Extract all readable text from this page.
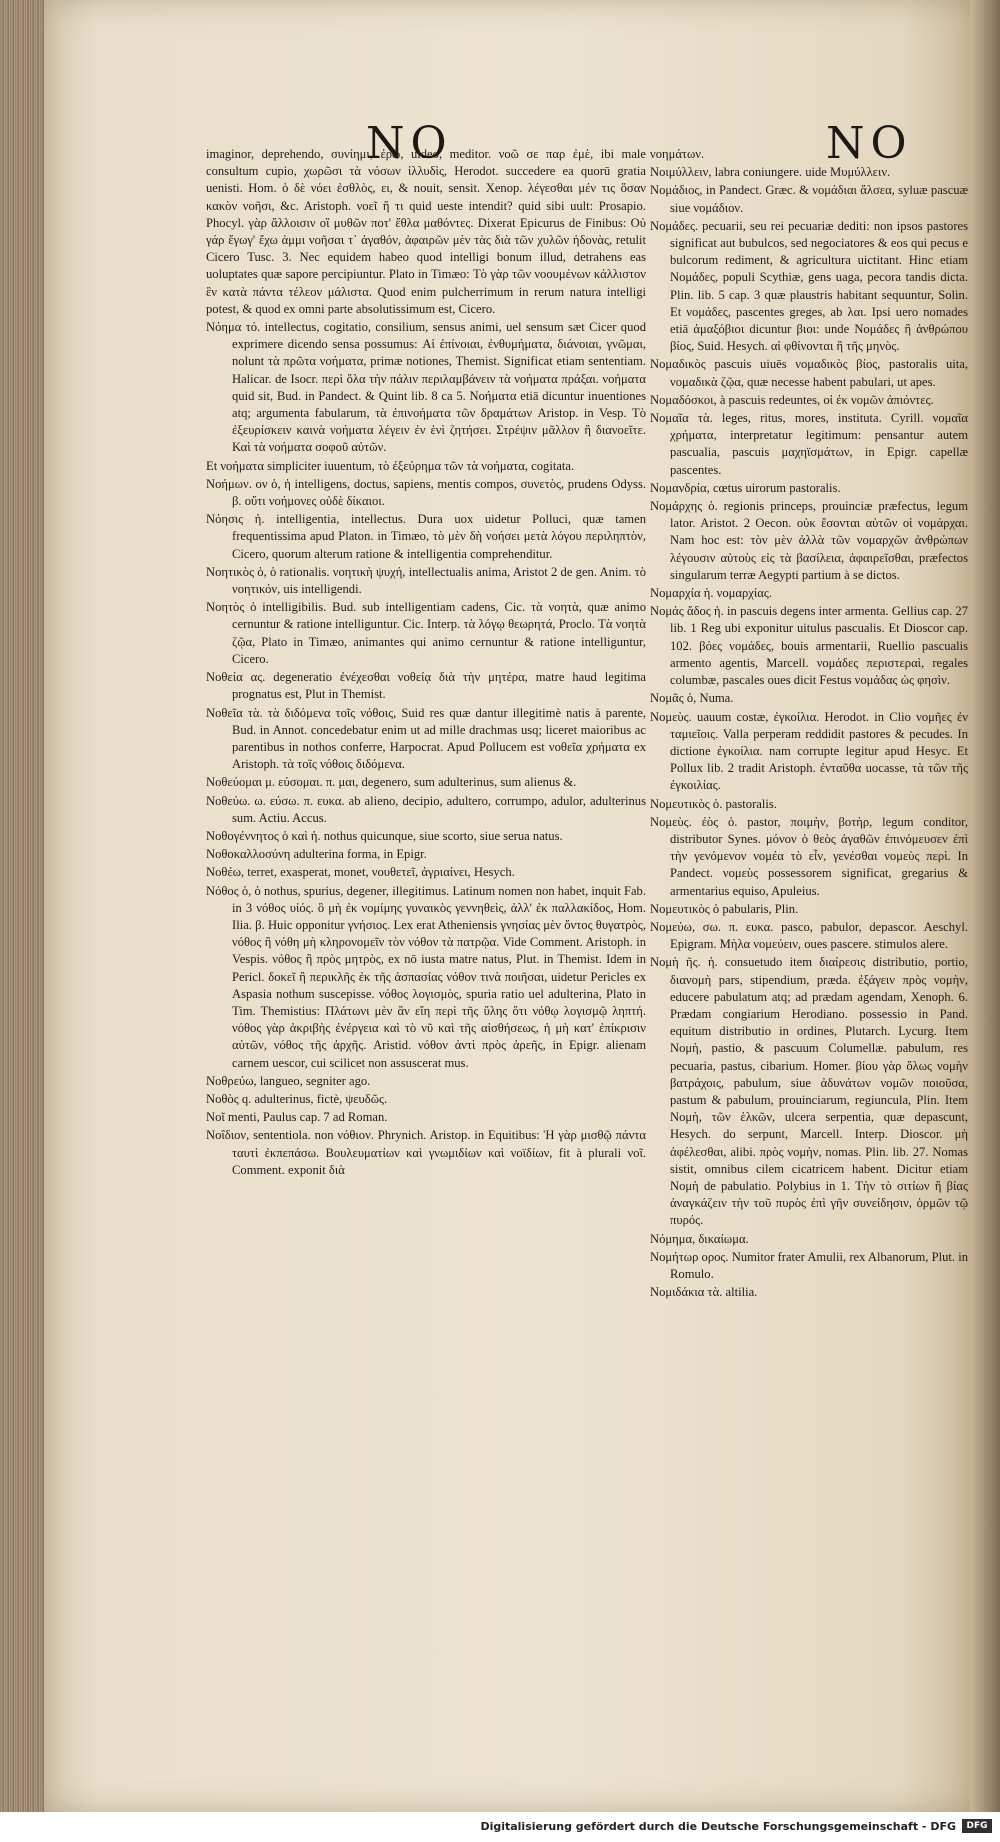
NO	NO

imaginor, deprehendo, συνίημι, ἐρῶ, uideo, meditor. νοῶ σε παρ ἐμὲ, ibi male consultum cupio, χωρῶσι τὰ νόσων ἰλλυδὶς, Herodot. succedere ea quorū gratia uenisti. Hom. ὁ δὲ νόει ἐσθλὸς, ει, & nouit, sensit. Xenop. λέγεσθαι μέν τις ὅσαν κακὸν νοῆσι, &c. Aristoph. νοεῖ ἥ τι quid ueste intendit? quid sibi uult: Prosapio. Phocyl. γὰρ ἄλλοισιν οἳ μυθῶν ποτ' ἔθλα μαθόντες. Dixerat Epicurus de Finibus: Οὐ γάρ ἔγωγ' ἔχω ἀμμι νοῆσαι τ᾽ ἀγαθόν, ἀφαιρῶν μὲν τὰς διὰ τῶν χυλῶν ἡδονὰς, retulit Cicero Tusc. 3. Nec equidem habeo quod intelligi bonum illud, detrahens eas uoluptates quæ sapore percipiuntur. Plato in Timæo: Τὸ γὰρ τῶν νοουμένων κάλλιστον ἓν κατὰ πάντα τέλεον μάλιστα. Quod enim pulcherrimum in rerum natura intelligi potest, & quod ex omni parte absolutissimum est, Cicero.

Νόημα τό. intellectus, cogitatio, consilium, sensus animi, uel sensum sæt Cicer quod exprimere dicendo sensa possumus: Αἱ ἐπίνοιαι, ἐνθυμήματα, διάνοιαι, γνῶμαι, nolunt τὰ πρῶτα νοήματα, primæ notiones, Themist. Significat etiam sententiam. Halicar. de Isocr. περὶ ὅλα τὴν πάλιν περιλαμβάνειν τὰ νοήματα πράξαι. νοήματα quid sit, Bud. in Pandect. & Quint lib. 8 ca 5. Νοήματα etiā dicuntur inuentiones atq; argumenta fabularum, τὰ ἐπινοήματα τῶν δραμάτων Aristop. in Vesp. Τὸ ἐξευρίσκειν καινὰ νοήματα λέγειν ἐν ἑνὶ ζητήσει. Στρέψιν μᾶλλον ἢ διανοεῖτε. Καὶ τὰ νοήματα σοφοῦ αὐτῶν.

Et νοήματα simpliciter iuuentum, τὸ ἐξεύρημα τῶν τὰ νοήματα, cogitata.

Νοήμων. ον ὁ, ἡ intelligens, doctus, sapiens, mentis compos, συνετὸς, prudens Odyss. β. οὔτι νοήμονες οὐδὲ δίκαιοι.

Νόησις ἡ. intelligentia, intellectus. Dura uox uidetur Polluci, quæ tamen frequentissima apud Platon. in Timæo, τὸ μὲν δὴ νοήσει μετὰ λόγου περιληπτὸν, Cicero, quorum alterum ratione & intelligentia comprehenditur.

Νοητικὸς ὁ, ὁ rationalis. νοητικὴ ψυχή, intellectualis anima, Aristot 2 de gen. Anim. τὸ νοητικόν, uis intelligendi.

Νοητὸς ὁ intelligibilis. Bud. sub intelligentiam cadens, Cic. τὰ νοητὰ, quæ animo cernuntur & ratione intelliguntur. Cic. Interp. τὰ λόγῳ θεωρητά, Proclo. Τὰ νοητὰ ζῷα, Plato in Timæo, animantes qui animo cernuntur & ratione intelliguntur, Cicero.

Νοθεία ας. degeneratio ἐνέχεσθαι νοθείᾳ διὰ τὴν μητέρα, matre haud legitima prognatus est, Plut in Themist.

Νοθεῖα τὰ. τὰ διδόμενα τοῖς νόθοις, Suid res quæ dantur illegitimè natis à parente, Bud. in Annot. concedebatur enim ut ad mille drachmas usq; liceret maioribus ac parentibus in nothos conferre, Harpocrat. Apud Pollucem est νοθεῖα χρήματα ex Aristoph. τὰ τοῖς νόθοις διδόμενα.

Νοθεύομαι μ. εύσομαι. π. μαι, degenero, sum adulterinus, sum alienus &.

Νοθεύω. ω. εύσω. π. ευκα. ab alieno, decipio, adultero, corrumpo, adulor, adulterinus sum. Actiu. Accus.

Νοθογέννητος ὁ καὶ ἡ. nothus quicunque, siue scorto, siue serua natus.

Νοθοκαλλοσύνη adulterina forma, in Epigr.

Νοθέω, terret, exasperat, monet, νουθετεῖ, ἀγριαίνει, Hesych.

Νόθος ὁ, ὁ nothus, spurius, degener, illegitimus. Latinum nomen non habet, inquit Fab. in 3 νόθος υἱός. ὃ μὴ ἐκ νομίμης γυναικὸς γεννηθεὶς, ἀλλ' ἐκ παλλακίδος, Hom. Ilia. β. Huic opponitur γνήσιος. Lex erat Atheniensis γνησίας μὲν ὄντος θυγατρὸς, νόθος ἢ νόθη μὴ κληρονομεῖν τὸν νόθον τὰ πατρῷα. Vide Comment. Aristoph. in Vespis. νόθος ἢ πρὸς μητρὸς, ex nō iusta matre natus, Plut. in Themist. Idem in Pericl. δοκεῖ ἢ περικλῆς ἐκ τῆς ἀσπασίας νόθον τινὰ ποιῆσαι, uidetur Pericles ex Aspasia nothum suscepisse. νόθος λογισμὸς, spuria ratio uel adulterina, Plato in Tim. Themistius: Πλάτωνι μὲν ἂν εἴη περὶ τῆς ὕλης ὅτι νόθῳ λογισμῷ ληπτή. νόθος γὰρ ἀκριβὴς ἐνέργεια καὶ τὸ νῦ καὶ τῆς αἰσθήσεως, ἡ μὴ κατ' ἐπίκρισιν αὐτῶν, νόθος τῆς ἀρχῆς. Aristid. νόθον ἀντὶ πρὸς ἀρεῆς, in Epigr. alienam carnem uescor, cui scilicet non assuscerat mus.

Νοθρεύω, langueo, segniter ago.

Νοθὸς q. adulterinus, fictè, ψευδῶς.

Νοῖ menti, Paulus cap. 7 ad Roman.

Νοΐδιον, sententiola. non νόθιον. Phrynich. Aristop. in Equitibus: Ἡ γὰρ μισθῷ πάντα ταυτὶ ἐκπεπάσω. Βουλευματίων καὶ γνωμιδίων καὶ νοϊδίων, fit à plurali νοῖ. Comment. exponit διὰ

νοημάτων.

Νοιμύλλειν, labra coniungere. uide Μυμύλλειν.

Νομάδιος, in Pandect. Græc. & νομάδιαι ἄλσεα, syluæ pascuæ siue νομάδιον.

Νομάδες. pecuarii, seu rei pecuariæ dediti: non ipsos pastores significat aut bubulcos, sed negociatores & eos qui pecus e bulcorum rediment, & agricultura uictitant. Hinc etiam Νομάδες, populi Scythiæ, gens uaga, pecora tandis dicta. Plin. lib. 5 cap. 3 quæ plaustris habitant sequuntur, Solin. Et νομάδες, pascentes greges, ab λαι. Ipsi uero nomades etiā ἁμαξόβιοι dicuntur βιοι: unde Νομάδες ἢ ἀνθρώπου βίος, Suid. Hesych. αἱ φθίνονται ἢ τῆς μηνὸς.

Νομαδικὸς pascuis uiuēs νομαδικὸς βίος, pastoralis uita, νομαδικὰ ζῷα, quæ necesse habent pabulari, ut apes.

Νομαδόσκοι, à pascuis redeuntes, οἱ ἐκ νομῶν ἀπιόντες.

Νομαῖα τὰ. leges, ritus, mores, instituta. Cyrill. νομαῖα χρήματα, interpretatur legitimum: pensantur autem pascualia, pascuis μαχηϊσμάτων, in Epigr. capellæ pascentes.

Νομανδρία, cœtus uirorum pastoralis.

Νομάρχης ὁ. regionis princeps, prouinciæ præfectus, legum lator. Aristot. 2 Oecon. οὐκ ἔσονται αὐτῶν οἱ νομάρχαι. Nam hoc est: τὸν μὲν ἀλλὰ τῶν νομαρχῶν ἀνθρώπων λέγουσιν αὐτοὺς εἰς τὰ βασίλεια, ἀφαιρεῖσθαι, præfectos singularum terræ Aegypti partium à se dictos.

Νομαρχία ἡ. νομαρχίας.

Νομάς ἄδος ἡ. in pascuis degens inter armenta. Gellius cap. 27 lib. 1 Reg ubi exponitur uitulus pascualis. Et Dioscor cap. 102. βόες νομάδες, bouis armentarii, Ruellio pascualis armento agentis, Marcell. νομάδες περιστεραὶ, regales columbæ, pascales oues dicit Festus νομάδας ὡς φησὶν.

Νομᾶς ὁ, Numa.

Νομεὺς. uauum costæ, ἐγκοίλια. Herodot. in Clio νομῆες ἐν ταμιεῖοις. Valla perperam reddidit pastores & pecudes. In dictione ἐγκοίλια. nam corrupte legitur apud Hesyc. Et Pollux lib. 2 tradit Aristoph. ἐνταῦθα uocasse, τὰ τῶν τῆς ἐγκοιλίας.

Νομευτικὸς ὁ. pastoralis.

Νομεὺς. ἐὸς ὁ. pastor, ποιμὴν, βοτὴρ, legum conditor, distributor Synes. μόνον ὁ θεὸς ἀγαθῶν ἐπινόμευσεν ἐπὶ τὴν γενόμενον νομέα τὸ εἶν, γενέσθαι νομεὺς περὶ. In Pandect. νομεὺς possessorem significat, gregarius & armentarius equiso, Apuleius.

Νομευτικὸς ὁ pabularis, Plin.

Νομεύω, σω. π. ευκα. pasco, pabulor, depascor. Aeschyl. Epigram. Μὴλα νομεύειν, oues pascere. stimulos alere.

Νομὴ ῆς. ἡ. consuetudo item διαίρεσις distributio, portio, διανομὴ pars, stipendium, præda. ἐξάγειν πρὸς νομὴν, educere pabulatum atq; ad prædam agendam, Xenoph. 6. Prædam congiarium Herodiano. possessio in Pand. equitum distributio in ordines, Plutarch. Lycurg. Item Νομὴ, pastio, & pascuum Columellæ. pabulum, res pecuaria, pastus, cibarium. Homer. βίου γὰρ ὅλως νομὴν βατράχοις, pabulum, siue ἀδυνάτων νομῶν ποιοῦσα, pastum & pabulum, prouinciarum, regiuncula, Plin. Item Νομὴ, τῶν ἑλκῶν, ulcera serpentia, quæ depascunt, Hesych. do serpunt, Marcell. Interp. Dioscor. μὴ ἀφέλεσθαι, alibi. πρὸς νομὴν, nomas. Plin. lib. 27. Nomas sistit, omnibus cilem cicatricem habent. Dicitur etiam Νομὴ de pabulatio. Polybius in 1. Τὴν τὸ σιτίων ἢ βίας ἀναγκάζειν τὴν τοῦ πυρὸς ἐπὶ γῆν συνείδησιν, ὁρμῶν τῷ πυρός.

Νόμημα, δικαίωμα.

Νομήτωρ ορος. Numitor frater Amulii, rex Albanorum, Plut. in Romulo.

Νομιδάκια τὰ. altilia.

Digitalisierung gefördert durch die Deutsche Forschungsgemeinschaft - DFG	DFG
